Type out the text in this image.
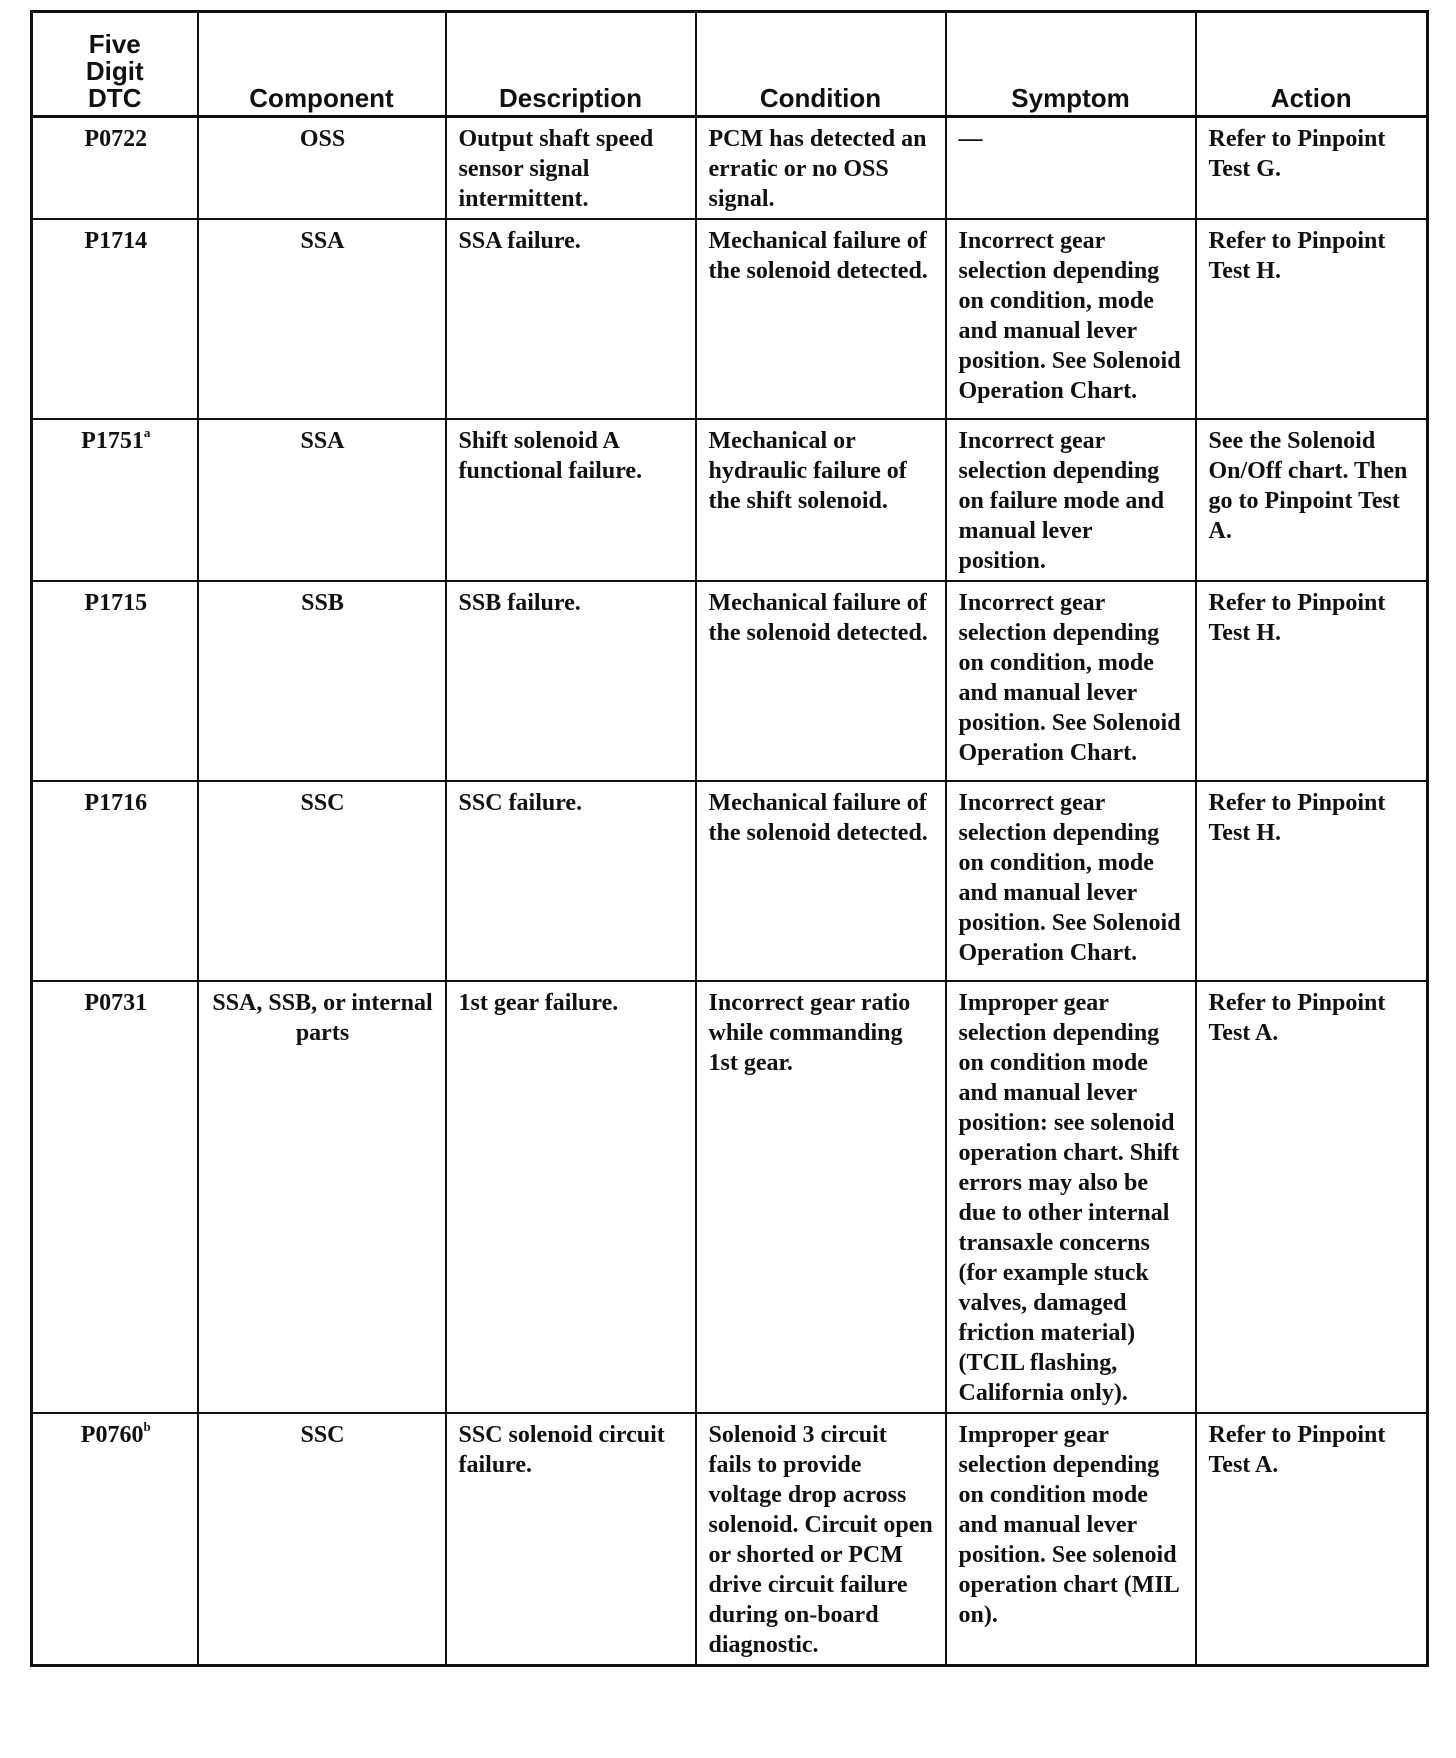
Five Digit DTC	Component	Description	Condition	Symptom	Action
P0722	OSS	Output shaft speed sensor signal intermittent.	PCM has detected an erratic or no OSS signal.	—	Refer to Pinpoint Test G.
P1714	SSA	SSA failure.	Mechanical failure of the solenoid detected.	Incorrect gear selection depending on condition, mode and manual lever position. See Solenoid Operation Chart.	Refer to Pinpoint Test H.
P1751$^a$	SSA	Shift solenoid A functional failure.	Mechanical or hydraulic failure of the shift solenoid.	Incorrect gear selection depending on failure mode and manual lever position.	See the Solenoid On/Off chart. Then go to Pinpoint Test A.
P1715	SSB	SSB failure.	Mechanical failure of the solenoid detected.	Incorrect gear selection depending on condition, mode and manual lever position. See Solenoid Operation Chart.	Refer to Pinpoint Test H.
P1716	SSC	SSC failure.	Mechanical failure of the solenoid detected.	Incorrect gear selection depending on condition, mode and manual lever position. See Solenoid Operation Chart.	Refer to Pinpoint Test H.
P0731	SSA, SSB, or internal parts	1st gear failure.	Incorrect gear ratio while commanding 1st gear.	Improper gear selection depending on condition mode and manual lever position: see solenoid operation chart. Shift errors may also be due to other internal transaxle concerns (for example stuck valves, damaged friction material) (TCIL flashing, California only).	Refer to Pinpoint Test A.
P0760$^b$	SSC	SSC solenoid circuit failure.	Solenoid 3 circuit fails to provide voltage drop across solenoid. Circuit open or shorted or PCM drive circuit failure during on-board diagnostic.	Improper gear selection depending on condition mode and manual lever position. See solenoid operation chart (MIL on).	Refer to Pinpoint Test A.
